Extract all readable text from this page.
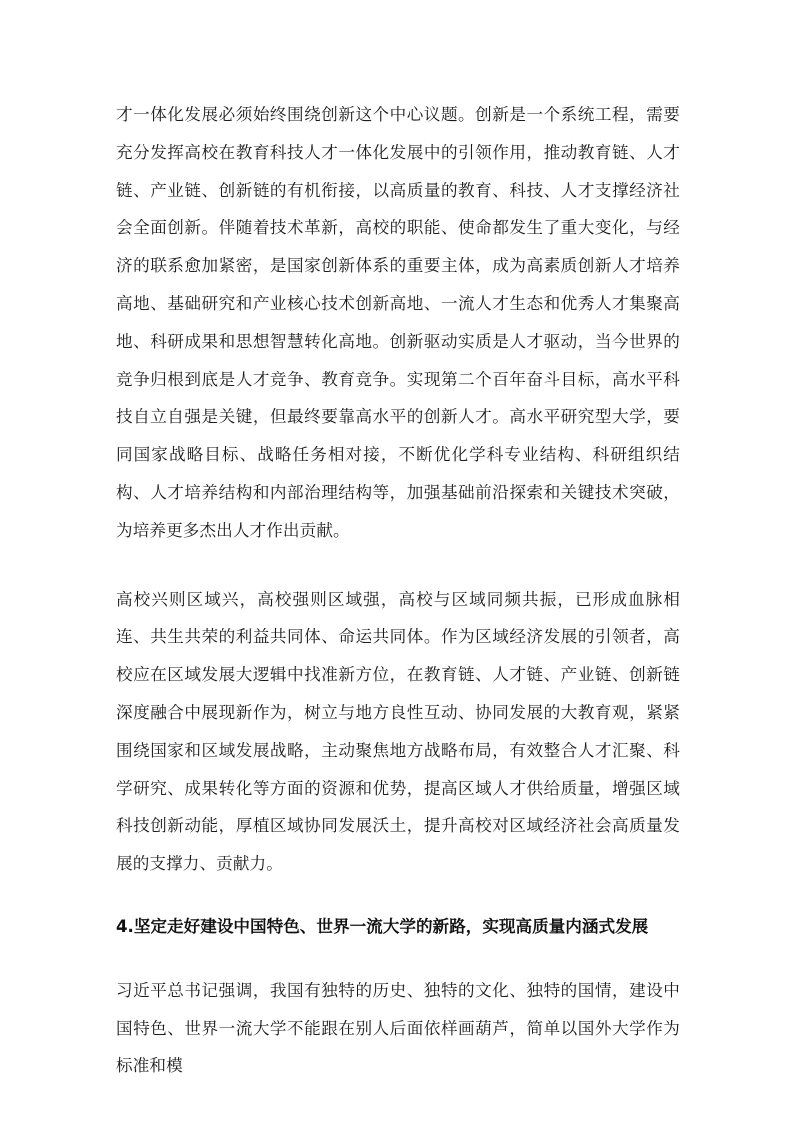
才一体化发展必须始终围绕创新这个中心议题。创新是一个系统工程，需要充分发挥高校在教育科技人才一体化发展中的引领作用，推动教育链、人才链、产业链、创新链的有机衔接，以高质量的教育、科技、人才支撑经济社会全面创新。伴随着技术革新，高校的职能、使命都发生了重大变化，与经济的联系愈加紧密，是国家创新体系的重要主体，成为高素质创新人才培养高地、基础研究和产业核心技术创新高地、一流人才生态和优秀人才集聚高地、科研成果和思想智慧转化高地。创新驱动实质是人才驱动，当今世界的竞争归根到底是人才竞争、教育竞争。实现第二个百年奋斗目标，高水平科技自立自强是关键，但最终要靠高水平的创新人才。高水平研究型大学，要同国家战略目标、战略任务相对接，不断优化学科专业结构、科研组织结构、人才培养结构和内部治理结构等，加强基础前沿探索和关键技术突破，为培养更多杰出人才作出贡献。

高校兴则区域兴，高校强则区域强，高校与区域同频共振，已形成血脉相连、共生共荣的利益共同体、命运共同体。作为区域经济发展的引领者，高校应在区域发展大逻辑中找准新方位，在教育链、人才链、产业链、创新链深度融合中展现新作为，树立与地方良性互动、协同发展的大教育观，紧紧围绕国家和区域发展战略，主动聚焦地方战略布局，有效整合人才汇聚、科学研究、成果转化等方面的资源和优势，提高区域人才供给质量，增强区域科技创新动能，厚植区域协同发展沃土，提升高校对区域经济社会高质量发展的支撑力、贡献力。

4.坚定走好建设中国特色、世界一流大学的新路，实现高质量内涵式发展

习近平总书记强调，我国有独特的历史、独特的文化、独特的国情，建设中国特色、世界一流大学不能跟在别人后面依样画葫芦，简单以国外大学作为标准和模
